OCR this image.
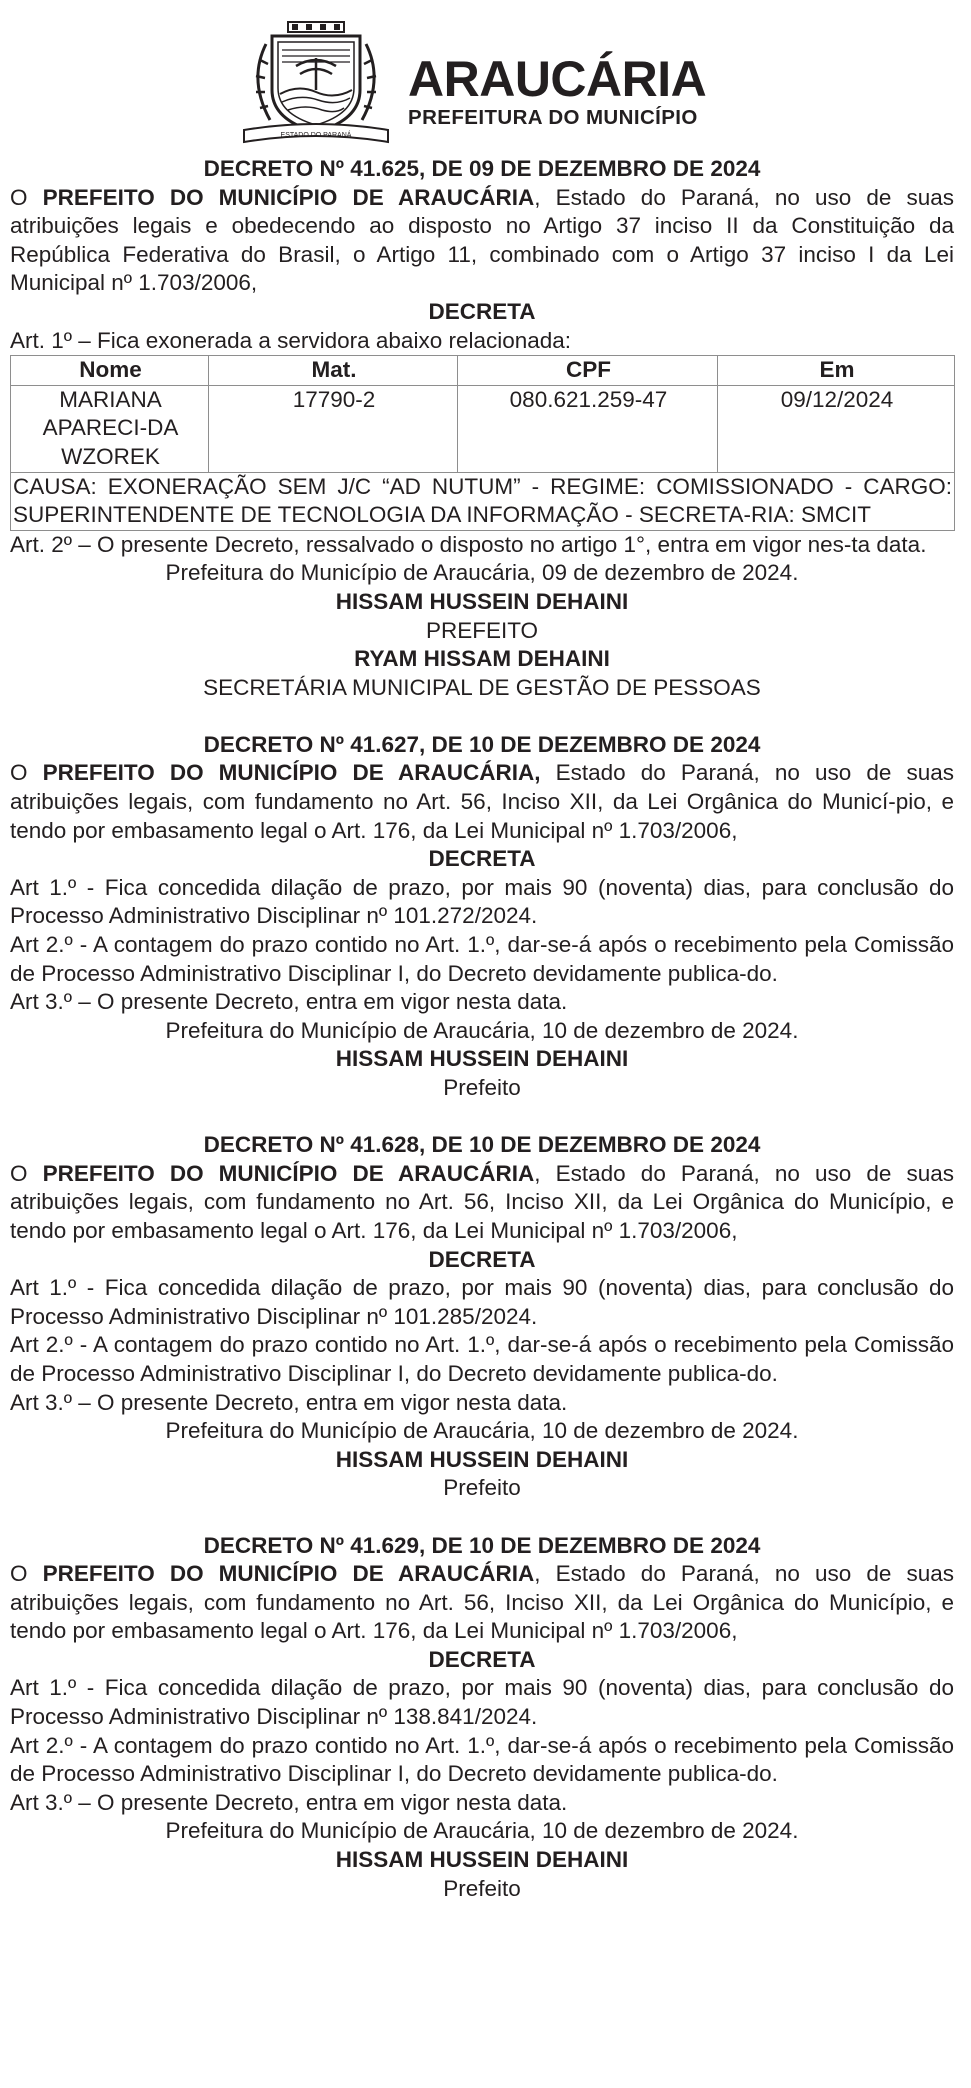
ESTADO DO PARANÁ
ARAUCÁRIA
PREFEITURA DO MUNICÍPIO

DECRETO Nº 41.625, DE 09 DE DEZEMBRO DE 2024

O PREFEITO DO MUNICÍPIO DE ARAUCÁRIA, Estado do Paraná, no uso de suas atribuições legais e obedecendo ao disposto no Artigo 37 inciso II da Constituição da República Federativa do Brasil, o Artigo 11, combinado com o Artigo 37 inciso I da Lei Municipal nº 1.703/2006,

DECRETA

Art. 1º – Fica exonerada a servidora abaixo relacionada:

Nome	Mat.	CPF	Em
MARIANA APARECI-DA WZOREK	17790-2	080.621.259-47	09/12/2024
CAUSA: EXONERAÇÃO SEM J/C “AD NUTUM” - REGIME: COMISSIONADO - CARGO: SUPERINTENDENTE DE TECNOLOGIA DA INFORMAÇÃO - SECRETA-RIA: SMCIT			

Art. 2º – O presente Decreto, ressalvado o disposto no artigo 1°, entra em vigor nes-ta data.

Prefeitura do Município de Araucária, 09 de dezembro de 2024.

HISSAM HUSSEIN DEHAINI

PREFEITO

RYAM HISSAM DEHAINI

SECRETÁRIA MUNICIPAL DE GESTÃO DE PESSOAS

DECRETO Nº 41.627, DE 10 DE DEZEMBRO DE 2024

O PREFEITO DO MUNICÍPIO DE ARAUCÁRIA, Estado do Paraná, no uso de suas atribuições legais, com fundamento no Art. 56, Inciso XII, da Lei Orgânica do Municí-pio, e tendo por embasamento legal o Art. 176, da Lei Municipal nº 1.703/2006,

DECRETA

Art 1.º - Fica concedida dilação de prazo, por mais 90 (noventa) dias, para conclusão do Processo Administrativo Disciplinar nº 101.272/2024.

Art 2.º - A contagem do prazo contido no Art. 1.º, dar-se-á após o recebimento pela Comissão de Processo Administrativo Disciplinar I, do Decreto devidamente publica-do.

Art 3.º – O presente Decreto, entra em vigor nesta data.

Prefeitura do Município de Araucária, 10 de dezembro de 2024.

HISSAM HUSSEIN DEHAINI

Prefeito

DECRETO Nº 41.628, DE 10 DE DEZEMBRO DE 2024

O PREFEITO DO MUNICÍPIO DE ARAUCÁRIA, Estado do Paraná, no uso de suas atribuições legais, com fundamento no Art. 56, Inciso XII, da Lei Orgânica do Município, e tendo por embasamento legal o Art. 176, da Lei Municipal nº 1.703/2006,

DECRETA

Art 1.º - Fica concedida dilação de prazo, por mais 90 (noventa) dias, para conclusão do Processo Administrativo Disciplinar nº 101.285/2024.

Art 2.º - A contagem do prazo contido no Art. 1.º, dar-se-á após o recebimento pela Comissão de Processo Administrativo Disciplinar I, do Decreto devidamente publica-do.

Art 3.º – O presente Decreto, entra em vigor nesta data.

Prefeitura do Município de Araucária, 10 de dezembro de 2024.

HISSAM HUSSEIN DEHAINI

Prefeito

DECRETO Nº 41.629, DE 10 DE DEZEMBRO DE 2024

O PREFEITO DO MUNICÍPIO DE ARAUCÁRIA, Estado do Paraná, no uso de suas atribuições legais, com fundamento no Art. 56, Inciso XII, da Lei Orgânica do Município, e tendo por embasamento legal o Art. 176, da Lei Municipal nº 1.703/2006,

DECRETA

Art 1.º - Fica concedida dilação de prazo, por mais 90 (noventa) dias, para conclusão do Processo Administrativo Disciplinar nº 138.841/2024.

Art 2.º - A contagem do prazo contido no Art. 1.º, dar-se-á após o recebimento pela Comissão de Processo Administrativo Disciplinar I, do Decreto devidamente publica-do.

Art 3.º – O presente Decreto, entra em vigor nesta data.

Prefeitura do Município de Araucária, 10 de dezembro de 2024.

HISSAM HUSSEIN DEHAINI

Prefeito
